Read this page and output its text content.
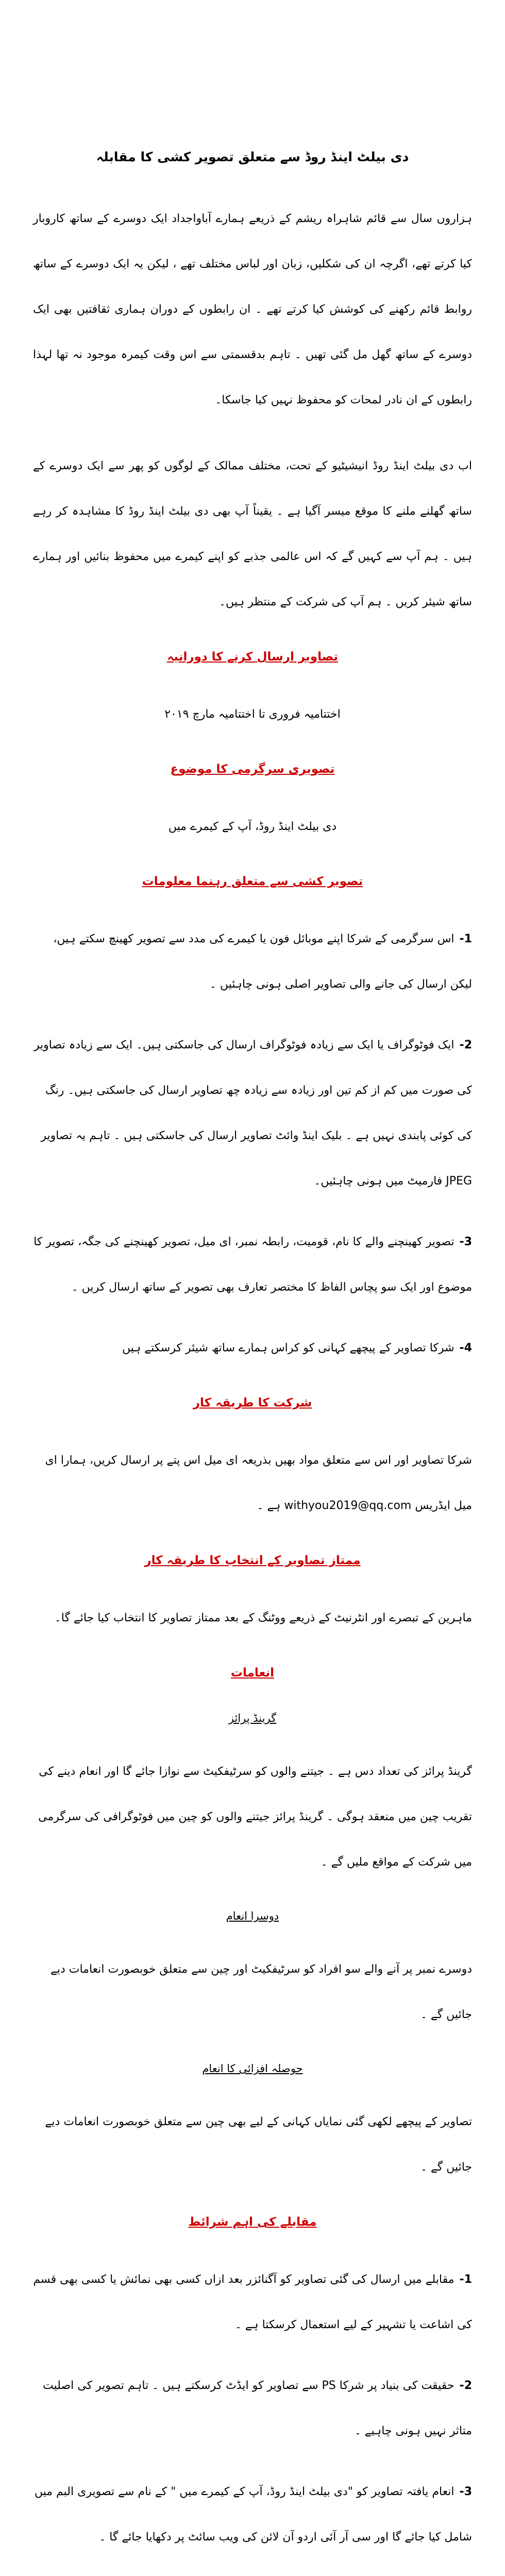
دی بیلٹ اینڈ روڈ سے متعلق تصویر کشی کا مقابلہ

ہزاروں سال سے قائم شاہراہ ریشم کے ذریعے ہمارے آباواجداد ایک دوسرے کے ساتھ کاروبار کیا کرتے تھے، اگرچہ ان کی شکلیں، زبان اور لباس مختلف تھے ، لیکن یہ ایک دوسرے کے ساتھ روابط قائم رکھنے کی کوشش کیا کرتے تھے ۔ ان رابطوں کے دوران ہماری ثقافتیں بھی ایک دوسرے کے ساتھ گھل مل گئی تھیں ۔ تاہم بدقسمتی سے اس وقت کیمرہ موجود نہ تھا لہذا رابطوں کے ان نادر لمحات کو محفوظ نہیں کیا جاسکا۔

اب دی بیلٹ اینڈ روڈ انیشیٹیو کے تحت، مختلف ممالک کے لوگوں کو پھر سے ایک دوسرے کے ساتھ گھلنے ملنے کا موقع میسر آگیا ہے ۔ یقیناً آپ بھی دی بیلٹ اینڈ روڈ کا مشاہدہ کر رہے ہیں ۔ ہم آپ سے کہیں گے کہ اس عالمی جذبے کو اپنے کیمرے میں محفوظ بنائیں اور ہمارے ساتھ شیئر کریں ۔ ہم آپ کی شرکت کے منتظر ہیں۔

تصاویر ارسال کرنے کا دورانیہ

اختتامیہ فروری تا اختتامیہ مارچ ۲۰۱۹

تصویری سرگرمی کا موضوع

دی بیلٹ اینڈ روڈ، آپ کے کیمرے میں

تصویر کشی سے متعلق رہنما معلومات
1-اس سرگرمی کے شرکا اپنے موبائل فون یا کیمرے کی مدد سے تصویر کھینچ سکتے ہیں، لیکن ارسال کی جانے والی تصاویر اصلی ہونی چاہئیں ۔
2-ایک فوٹوگراف یا ایک سے زیادہ فوٹوگراف ارسال کی جاسکتی ہیں۔ ایک سے زیادہ تصاویر کی صورت میں کم از کم تین اور زیادہ سے زیادہ چھ تصاویر ارسال کی جاسکتی ہیں۔ رنگ کی کوئی پابندی نہیں ہے ۔ بلیک اینڈ وائٹ تصاویر ارسال کی جاسکتی ہیں ۔ تاہم یہ تصاویر JPEG فارمیٹ میں ہونی چاہئیں۔
3-تصویر کھینچنے والے کا نام، قومیت، رابطہ نمبر، ای میل، تصویر کھینچنے کی جگہ، تصویر کا موضوع اور ایک سو پچاس الفاظ کا مختصر تعارف بھی تصویر کے ساتھ ارسال کریں ۔
4-شرکا تصاویر کے پیچھے کہانی کو کراس ہمارے ساتھ شیئر کرسکتے ہیں
شرکت کا طریقہ کار

شرکا تصاویر اور اس سے متعلق مواد بھیں بذریعہ ای میل اس پتے پر ارسال کریں، ہمارا ای میل ایڈریس withyou2019@qq.com ہے ۔

ممتاز تصاویر کے انتخاب کا طریقہ کار

ماہرین کے تبصرے اور انٹرنیٹ کے ذریعے ووٹنگ کے بعد ممتاز تصاویر کا انتخاب کیا جائے گا۔

انعامات
گرینڈ پرائز

گرینڈ پرائز کی تعداد دس ہے ۔ جیتنے والوں کو سرٹیفکیٹ سے نوازا جائے گا اور انعام دینے کی تقریب چین میں منعقد ہوگی ۔ گرینڈ پرائز جیتنے والوں کو چین میں فوٹوگرافی کی سرگرمی میں شرکت کے مواقع ملیں گے ۔

دوسرا انعام

دوسرے نمبر پر آنے والے سو افراد کو سرٹیفکیٹ اور چین سے متعلق خوبصورت انعامات دیے جائیں گے ۔

حوصلہ افزائی کا انعام

تصاویر کے پیچھے لکھی گئی نمایاں کہانی کے لیے بھی چین سے متعلق خوبصورت انعامات دیے جائیں گے ۔

مقابلے کی اہم شرائط
1-مقابلے میں ارسال کی گئی تصاویر کو آگنائزر بعد ازاں کسی بھی نمائش یا کسی بھی قسم کی اشاعت یا تشہیر کے لیے استعمال کرسکتا ہے ۔
2-حقیقت کی بنیاد پر شرکا PS سے تصاویر کو ایڈٹ کرسکتے ہیں ۔ تاہم تصویر کی اصلیت متاثر نہیں ہونی چاہیے ۔
3-انعام یافتہ تصاویر کو "دی بیلٹ اینڈ روڈ، آپ کے کیمرے میں " کے نام سے تصویری البم میں شامل کیا جائے گا اور سی آر آئی اردو آن لائن کی ویب سائٹ پر دکھایا جائے گا ۔
